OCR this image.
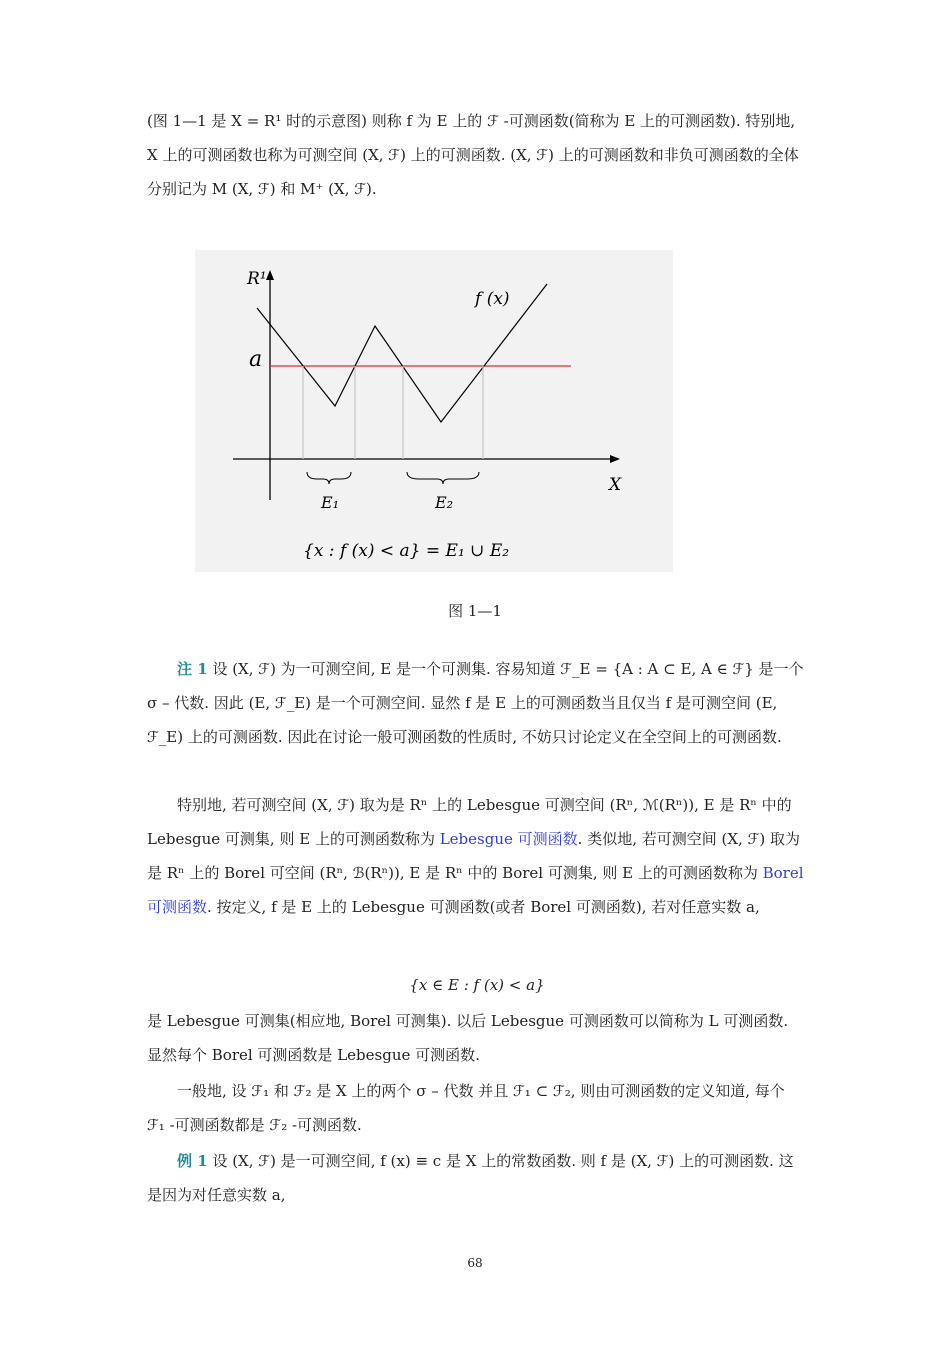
(图 1—1 是 X = R¹ 时的示意图) 则称 f 为 E 上的 ℱ -可测函数(简称为 E 上的可测函数). 特别地, X 上的可测函数也称为可测空间 (X, ℱ) 上的可测函数. (X, ℱ) 上的可测函数和非负可测函数的全体分别记为 M (X, ℱ) 和 M⁺ (X, ℱ).

R¹
X
f (x)
a
E₁	E₂
{x : f (x) < a} = E₁ ∪ E₂
图 1—1

注 1 设 (X, ℱ) 为一可测空间, E 是一个可测集. 容易知道 ℱ_E = {A : A ⊂ E, A ∈ ℱ} 是一个 σ – 代数. 因此 (E, ℱ_E) 是一个可测空间. 显然 f 是 E 上的可测函数当且仅当 f 是可测空间 (E, ℱ_E) 上的可测函数. 因此在讨论一般可测函数的性质时, 不妨只讨论定义在全空间上的可测函数.

特别地, 若可测空间 (X, ℱ) 取为是 Rⁿ 上的 Lebesgue 可测空间 (Rⁿ, ℳ(Rⁿ)), E 是 Rⁿ 中的 Lebesgue 可测集, 则 E 上的可测函数称为 Lebesgue 可测函数. 类似地, 若可测空间 (X, ℱ) 取为是 Rⁿ 上的 Borel 可空间 (Rⁿ, ℬ(Rⁿ)), E 是 Rⁿ 中的 Borel 可测集, 则 E 上的可测函数称为 Borel 可测函数. 按定义, f 是 E 上的 Lebesgue 可测函数(或者 Borel 可测函数), 若对任意实数 a,

{x ∈ E : f (x) < a}

是 Lebesgue 可测集(相应地, Borel 可测集). 以后 Lebesgue 可测函数可以简称为 L 可测函数. 显然每个 Borel 可测函数是 Lebesgue 可测函数.

一般地, 设 ℱ₁ 和 ℱ₂ 是 X 上的两个 σ – 代数 并且 ℱ₁ ⊂ ℱ₂, 则由可测函数的定义知道, 每个 ℱ₁ -可测函数都是 ℱ₂ -可测函数.

例 1 设 (X, ℱ) 是一可测空间, f (x) ≡ c 是 X 上的常数函数. 则 f 是 (X, ℱ) 上的可测函数. 这是因为对任意实数 a,

68
